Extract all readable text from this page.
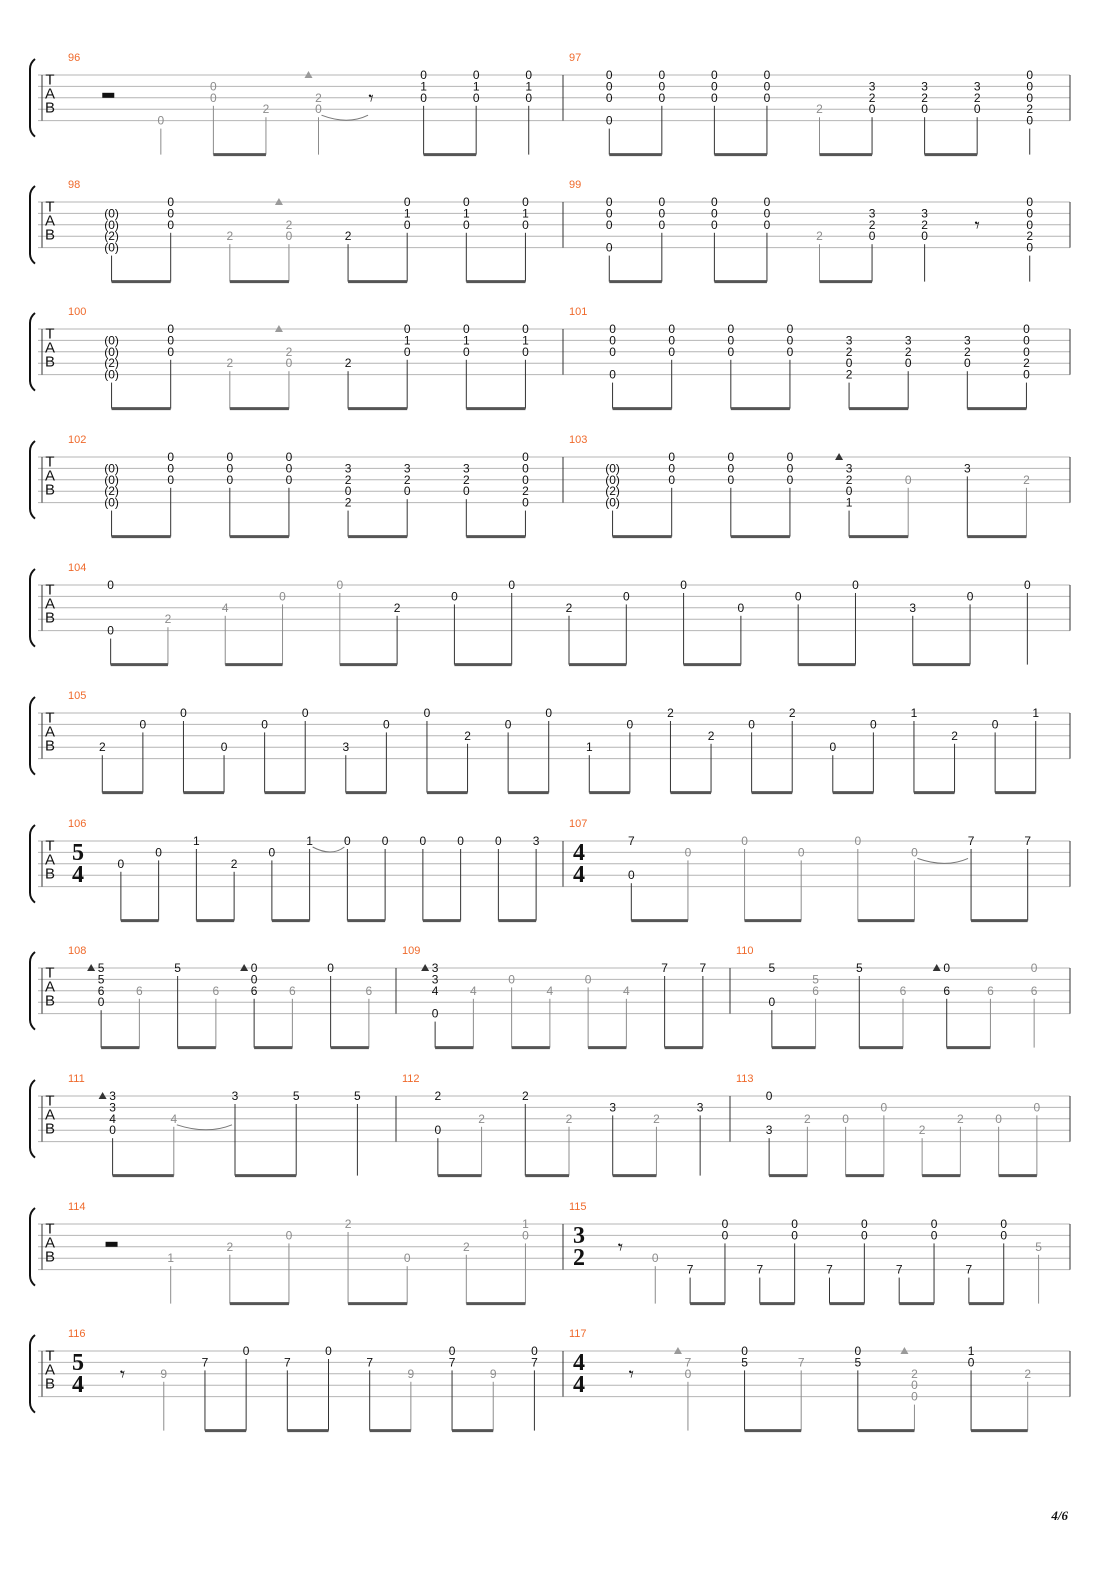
T
A
B
96
0
0
0
2
2
0 𝄾
0
1
0
0
1
0
0
1
0
97
0
0
0
0
0
0
0
0
0
0
0
0
0
2
3
2
0
3
2
0
3
2
0
0
0
0
2
0
T
A
B
98
(0)
(0)
(2)
(0)
0
0
0
2
2
0	2
0
1
0
0
1
0
0
1
0
99
0
0
0
0
0
0
0
0
0
0
0
0
0
2
3
2
0
3
2
0 𝄾
0
0
0
2
0
T
A
B
100
(0)
(0)
(2)
(0)
0
0
0
2
2
0	2
0
1
0
0
1
0
0
1
0
101
0
0
0
0
0
0
0
0
0
0
0
0
0
3
2
0
2
3
2
0
3
2
0
0
0
0
2
0
T
A
B
102
(0)
(0)
(2)
(0)
0
0
0
0
0
0
0
0
0
3
2
0
2
3
2
0
3
2
0
0
0
0
2
0
103
(0)
(0)
(2)
(0)
0
0
0
0
0
0
0
0
0
3
2
0
1
0
3
2
T
A
B
104
0
0
2
4
0
0
2
0
0
2
0
0
0
0
0
3
0
0
T
A
B
105
2
0
0
0
0
0
3
0
0
2
0
0
1
0
2
2
0
2
0
0
1
2
0
1
T
A
B
106
5
4	0
0
1
2
0
1	0	0	0	0	0	3
107
4
4
7
0
0
0
0
0
0
7	7
T
A
B
108
5
5
6
0
6
5
6
0
0
6	6
0
6
109
3
3
4
0
4
0
4
0
4
7	7
110
5
0
5
6
5
6
0
6	6
0
6
T
A
B
111
3
3
4
0
4
3	5	5
112
2
0
2
2
2
3
2
3
113
0
3
2	0
0
2
2	0
0
T
A
B
114
1
2
0
2
0
2
1
0
115
3
2 𝄾 0
7
0
0
7
0
0
7
0
0
7
0
0
7
0
0
5
T
A
B
116
5
4 𝄾	9
7
0
7
0
7
9
0
7
9
0
7
117
4
4 𝄾	7
0
0
5	7
0
5
2
0
0
1
0
2
4/6
